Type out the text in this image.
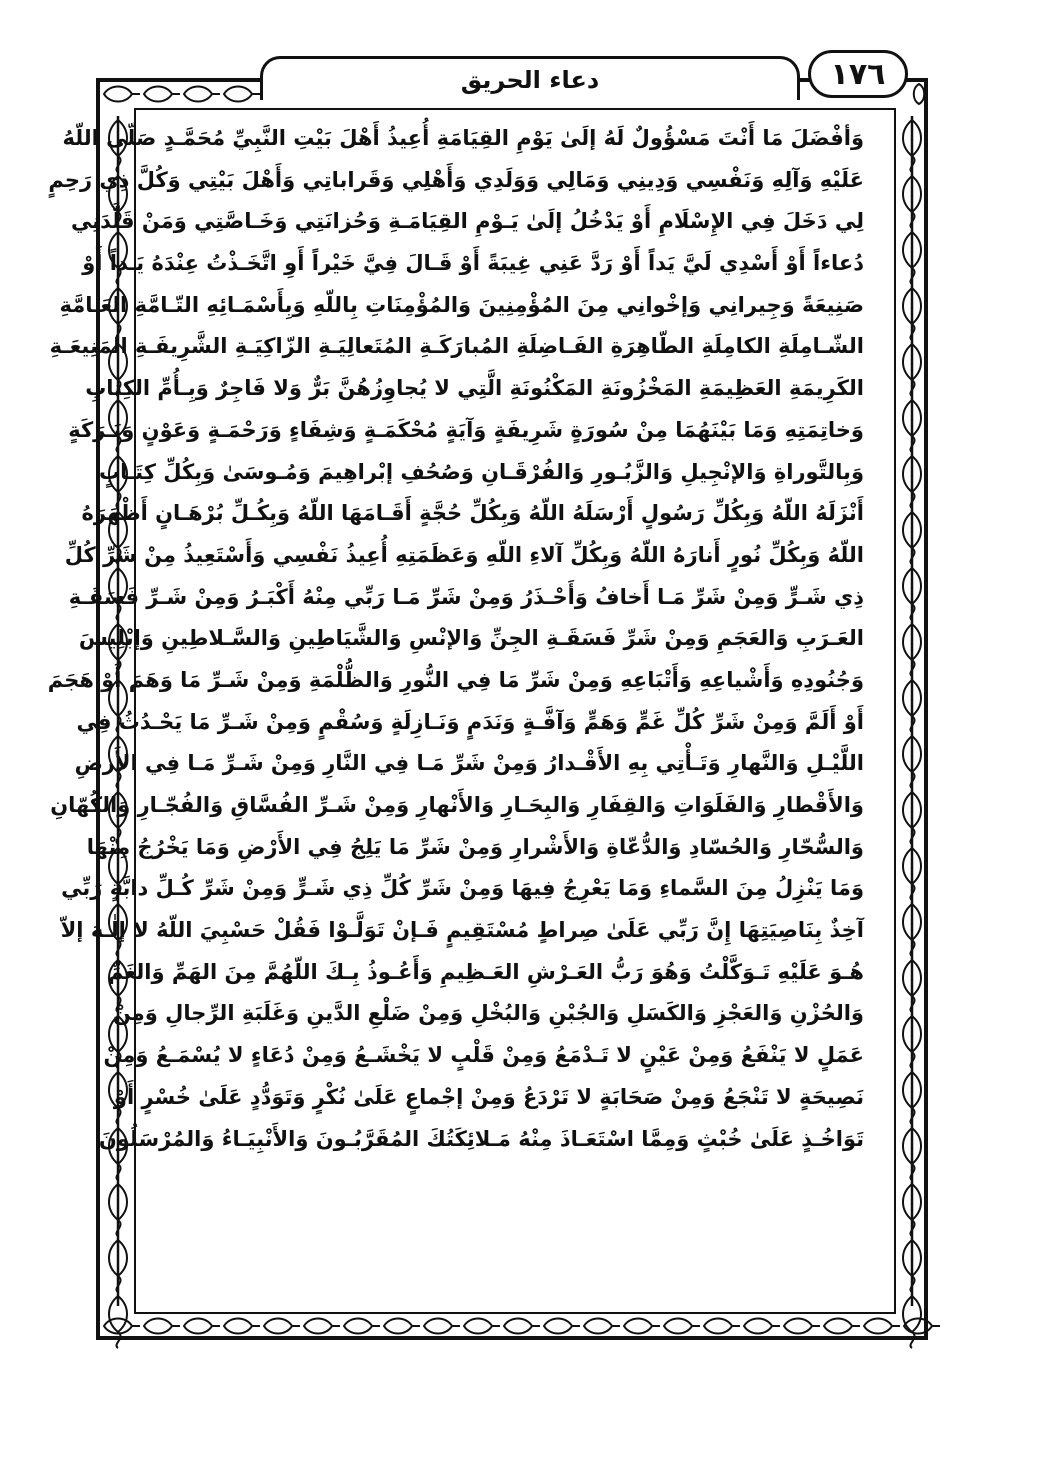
دعاء الحريق	١٧٦
وَأفْضَلَ مَا أَنْتَ مَسْؤُولٌ لَهُ إلَىٰ يَوْمِ القِيَامَةِ أُعِيذُ أَهْلَ بَيْتِ النَّبِيِّ مُحَمَّـدٍ صَلّى اللّهُ
عَلَيْهِ وَآلِهِ وَنَفْسِي وَدِينِي وَمَالِي وَوَلَدِي وَأَهْلِي وَقَراباتِي وَأَهْلَ بَيْتِي وَكُلَّ ذِي رَحِمٍ
لِي دَخَلَ فِي الإِسْلَامِ أَوْ يَدْخُلُ إلَىٰ يَـوْمِ القِيَامَـةِ وَحُزانَتِي وَخَـاصَّتِي وَمَنْ قَلَّدَنِي
دُعاءاً أَوْ أَسْدِي لَيَّ يَداً أَوْ رَدَّ عَنِي غِيبَةً أَوْ قَـالَ فِيَّ خَيْراً أَوِ اتَّخَـذْتُ عِنْدَهُ يَـداً أَوْ
صَنِيعَةً وَجِيرانِي وَإخْوانِي مِنَ المُؤْمِنِينَ وَالمُؤْمِنَاتِ بِاللّهِ وَبِأَسْمَـائِهِ التّـامَّةِ العَـامَّةِ
الشّـامِلَةِ الكامِلَةِ الطّاهِرَةِ الفَـاضِلَةِ المُبارَكَـةِ المُتَعالِيَـةِ الزّاكِيَـةِ الشَّرِيفَـةِ المَنِيعَـةِ
الكَرِيمَةِ العَظِيمَةِ المَخْزُونَةِ المَكْنُونَةِ الَّتِي لا يُجاوِزُهُنَّ بَرٌّ وَلا فَاجِرٌ وَبِـأُمِّ الكِتابِ
وَخاتِمَتِهِ وَمَا بَيْنَهُمَا مِنْ سُورَةٍ شَرِيفَةٍ وَآيَةٍ مُحْكَمَـةٍ وَشِفَاءٍ وَرَحْمَـةٍ وَعَوْنٍ وَبَـرَكَةٍ
وَبِالتَّوراةِ وَالإنْجِيلِ وَالزَّبُـورِ وَالفُرْقَـانِ وَصُحُفِ إبْراهِيمَ وَمُـوسَىٰ وَبِكُلِّ كِتَـابٍ
أَنْزَلَهُ اللّهُ وَبِكُلِّ رَسُولٍ أَرْسَلَهُ اللّهُ وَبِكُلِّ حُجَّةٍ أَقَـامَهَا اللّهُ وَبِكُـلِّ بُرْهَـانٍ أَظْهَرَهُ
اللّهُ وَبِكُلِّ نُورٍ أَنارَهُ اللّهُ وَبِكُلِّ آلاءِ اللّهِ وَعَظَمَتِهِ أُعِيذُ نَفْسِي وَأَسْتَعِيذُ مِنْ شَرِّ كُلِّ
ذِي شَـرٍّ وَمِنْ شَرِّ مَـا أَخافُ وَأَحْـذَرُ وَمِنْ شَرِّ مَـا رَبِّي مِنْهُ أَكْبَـرُ وَمِنْ شَـرِّ فَسَقَـةِ
العَـرَبِ وَالعَجَمِ وَمِنْ شَرِّ فَسَقَـةِ الجِنِّ وَالإنْسِ وَالشَّيَاطِينِ وَالسَّـلاطِينِ وَإبْلِيسَ
وَجُنُودِهِ وَأَشْياعِهِ وَأَتْبَاعِهِ وَمِنْ شَرِّ مَا فِي النُّورِ وَالظُّلْمَةِ وَمِنْ شَـرِّ مَا وَهَمَ أَوْ هَجَمَ
أَوْ أَلَمَّ وَمِنْ شَرِّ كُلِّ غَمٍّ وَهَمٍّ وَآفَّـةٍ وَنَدَمٍ وَنَـازِلَةٍ وَسُقْمٍ وَمِنْ شَـرِّ مَا يَحْـدُثُ فِي
اللَّيْـلِ وَالنَّهارِ وَتَـأْتِي بِهِ الأَقْـدارُ وَمِنْ شَرِّ مَـا فِي النَّارِ وَمِنْ شَـرِّ مَـا فِي الأَرضِ
وَالأَقْطارِ وَالفَلَوَاتِ وَالقِفَارِ وَالبِحَـارِ وَالأَنْهارِ وَمِنْ شَـرِّ الفُسَّاقِ وَالفُجّـارِ وَالكُهّانِ
وَالسُّحّارِ وَالحُسّادِ وَالدُّعّاةِ وَالأَشْرارِ وَمِنْ شَرِّ مَا يَلِجُ فِي الأَرْضِ وَمَا يَخْرُجُ مِنْهَا
وَمَا يَنْزِلُ مِنَ السَّماءِ وَمَا يَعْرِجُ فِيهَا وَمِنْ شَرِّ كُلِّ ذِي شَـرٍّ وَمِنْ شَرِّ كُـلِّ دابَّةٍ رَبِّي
آخِذٌ بِنَاصِيَتِهَا إِنَّ رَبِّي عَلَىٰ صِراطٍ مُسْتَقِيمٍ فَـإنْ تَوَلَّـوْا فَقُلْ حَسْبِيَ اللّهُ لا إلٰـهَ إلاّ
هُـوَ عَلَيْهِ تَـوَكَّلْتُ وَهُوَ رَبُّ العَـرْشِ العَـظِيمِ وَأَعُـوذُ بِـكَ اللّهُمَّ مِنَ الهَمِّ وَالغَمِّ
وَالحُزْنِ وَالعَجْزِ وَالكَسَلِ وَالجُبْنِ وَالبُخْلِ وَمِنْ ضَلْعِ الدَّينِ وَغَلَبَةِ الرِّجالِ وَمِنْ
عَمَلٍ لا يَنْفَعُ وَمِنْ عَيْنٍ لا تَـدْمَعُ وَمِنْ قَلْبٍ لا يَخْشَـعُ وَمِنْ دُعَاءٍ لا يُسْمَـعُ وَمِنْ
نَصِيحَةٍ لا تَنْجَعُ وَمِنْ صَحَابَةٍ لا تَرْدَعُ وَمِنْ إجْماعٍ عَلَىٰ نُكْرٍ وَتَوَدُّدٍ عَلَىٰ خُسْرٍ أَوْ
تَوَاخُـذٍ عَلَىٰ خُبْثٍ وَمِمَّا اسْتَعَـاذَ مِنْهُ مَـلائِكَتُكَ المُقَرَّبُـونَ وَالأَنْبِيَـاءُ وَالمُرْسَلُونَ
